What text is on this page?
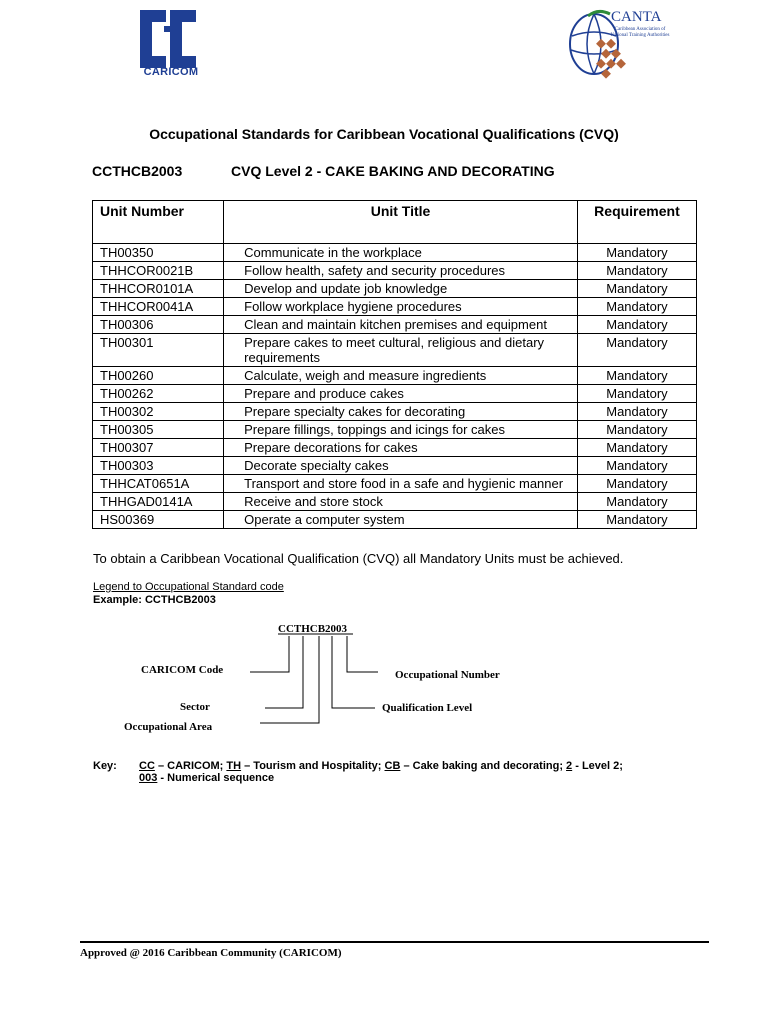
CARICOM
CANTA
Caribbean Association of National Training Authorities
Occupational Standards for Caribbean Vocational Qualifications (CVQ)
CCTHCB2003	CVQ Level 2 - CAKE BAKING AND DECORATING
Unit Number	Unit Title	Requirement
TH00350	Communicate in the workplace	Mandatory
THHCOR0021B	Follow health, safety and security procedures	Mandatory
THHCOR0101A	Develop and update job knowledge	Mandatory
THHCOR0041A	Follow workplace hygiene procedures	Mandatory
TH00306	Clean and maintain kitchen premises and equipment	Mandatory
TH00301	Prepare cakes to meet cultural, religious and dietary requirements	Mandatory
TH00260	Calculate, weigh and measure ingredients	Mandatory
TH00262	Prepare and produce cakes	Mandatory
TH00302	Prepare specialty cakes for decorating	Mandatory
TH00305	Prepare fillings, toppings and icings for cakes	Mandatory
TH00307	Prepare decorations for cakes	Mandatory
TH00303	Decorate specialty cakes	Mandatory
THHCAT0651A	Transport and store food in a safe and hygienic manner	Mandatory
THHGAD0141A	Receive and store stock	Mandatory
HS00369	Operate a computer system	Mandatory
To obtain a Caribbean Vocational Qualification (CVQ) all Mandatory Units must be achieved.
Legend to Occupational Standard code
Example: CCTHCB2003
CCTHCB2003
CARICOM Code
Sector
Occupational Area
Occupational Number
Qualification Level
Key: CC – CARICOM; TH – Tourism and Hospitality; CB – Cake baking and decorating; 2 - Level 2;
003 - Numerical sequence
Approved @ 2016 Caribbean Community (CARICOM)
